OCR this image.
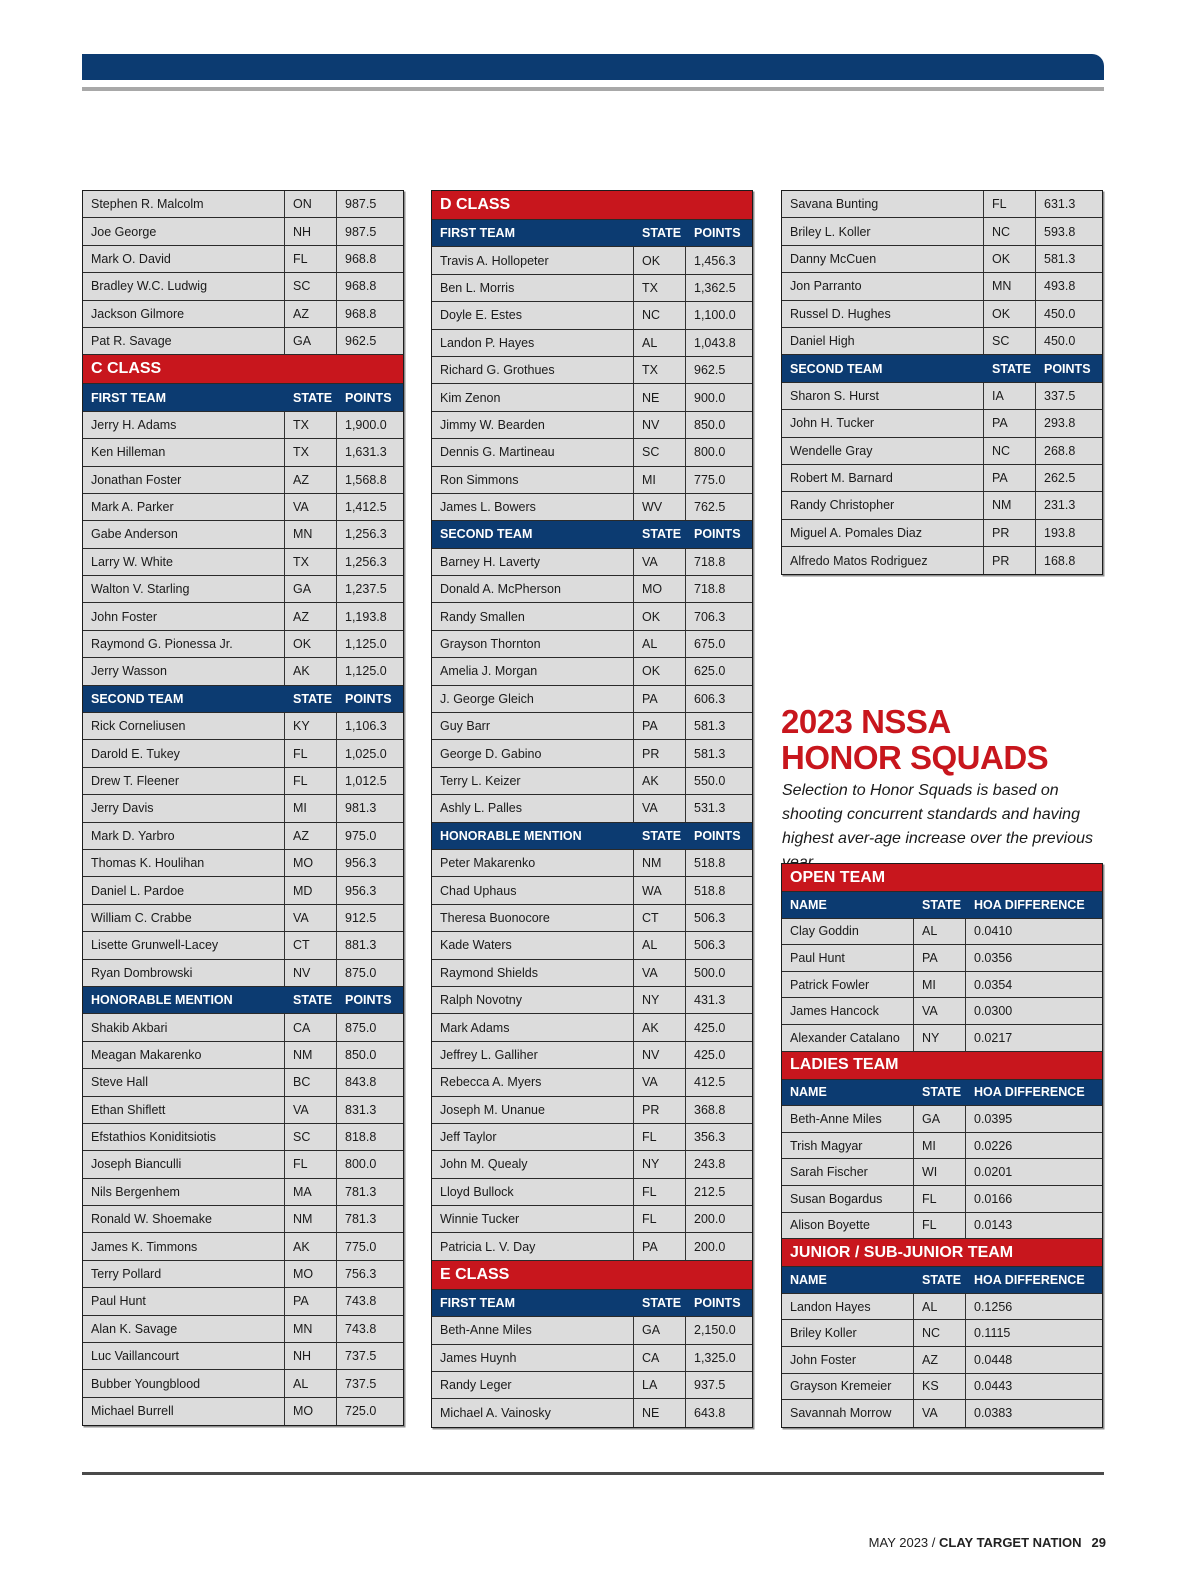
Stephen R. Malcolm	ON	987.5
Joe George	NH	987.5
Mark O. David	FL	968.8
Bradley W.C. Ludwig	SC	968.8
Jackson Gilmore	AZ	968.8
Pat R. Savage	GA	962.5
C CLASS
FIRST TEAM	STATE	POINTS
Jerry H. Adams	TX	1,900.0
Ken Hilleman	TX	1,631.3
Jonathan Foster	AZ	1,568.8
Mark A. Parker	VA	1,412.5
Gabe Anderson	MN	1,256.3
Larry W. White	TX	1,256.3
Walton V. Starling	GA	1,237.5
John Foster	AZ	1,193.8
Raymond G. Pionessa Jr.	OK	1,125.0
Jerry Wasson	AK	1,125.0
SECOND TEAM	STATE	POINTS
Rick Corneliusen	KY	1,106.3
Darold E. Tukey	FL	1,025.0
Drew T. Fleener	FL	1,012.5
Jerry Davis	MI	981.3
Mark D. Yarbro	AZ	975.0
Thomas K. Houlihan	MO	956.3
Daniel L. Pardoe	MD	956.3
William C. Crabbe	VA	912.5
Lisette Grunwell-Lacey	CT	881.3
Ryan Dombrowski	NV	875.0
HONORABLE MENTION	STATE	POINTS
Shakib Akbari	CA	875.0
Meagan Makarenko	NM	850.0
Steve Hall	BC	843.8
Ethan Shiflett	VA	831.3
Efstathios Koniditsiotis	SC	818.8
Joseph Bianculli	FL	800.0
Nils Bergenhem	MA	781.3
Ronald W. Shoemake	NM	781.3
James K. Timmons	AK	775.0
Terry Pollard	MO	756.3
Paul Hunt	PA	743.8
Alan K. Savage	MN	743.8
Luc Vaillancourt	NH	737.5
Bubber Youngblood	AL	737.5
Michael Burrell	MO	725.0
D CLASS
FIRST TEAM	STATE	POINTS
Travis A. Hollopeter	OK	1,456.3
Ben L. Morris	TX	1,362.5
Doyle E. Estes	NC	1,100.0
Landon P. Hayes	AL	1,043.8
Richard G. Grothues	TX	962.5
Kim Zenon	NE	900.0
Jimmy W. Bearden	NV	850.0
Dennis G. Martineau	SC	800.0
Ron Simmons	MI	775.0
James L. Bowers	WV	762.5
SECOND TEAM	STATE	POINTS
Barney H. Laverty	VA	718.8
Donald A. McPherson	MO	718.8
Randy Smallen	OK	706.3
Grayson Thornton	AL	675.0
Amelia J. Morgan	OK	625.0
J. George Gleich	PA	606.3
Guy Barr	PA	581.3
George D. Gabino	PR	581.3
Terry L. Keizer	AK	550.0
Ashly L. Palles	VA	531.3
HONORABLE MENTION	STATE	POINTS
Peter Makarenko	NM	518.8
Chad Uphaus	WA	518.8
Theresa Buonocore	CT	506.3
Kade Waters	AL	506.3
Raymond Shields	VA	500.0
Ralph Novotny	NY	431.3
Mark Adams	AK	425.0
Jeffrey L. Galliher	NV	425.0
Rebecca A. Myers	VA	412.5
Joseph M. Unanue	PR	368.8
Jeff Taylor	FL	356.3
John M. Quealy	NY	243.8
Lloyd Bullock	FL	212.5
Winnie Tucker	FL	200.0
Patricia L. V. Day	PA	200.0
E CLASS
FIRST TEAM	STATE	POINTS
Beth-Anne Miles	GA	2,150.0
James Huynh	CA	1,325.0
Randy Leger	LA	937.5
Michael A. Vainosky	NE	643.8
Savana Bunting	FL	631.3
Briley L. Koller	NC	593.8
Danny McCuen	OK	581.3
Jon Parranto	MN	493.8
Russel D. Hughes	OK	450.0
Daniel High	SC	450.0
SECOND TEAM	STATE	POINTS
Sharon S. Hurst	IA	337.5
John H. Tucker	PA	293.8
Wendelle Gray	NC	268.8
Robert M. Barnard	PA	262.5
Randy Christopher	NM	231.3
Miguel A. Pomales Diaz	PR	193.8
Alfredo Matos Rodriguez	PR	168.8
2023 NSSA
HONOR SQUADS
Selection to Honor Squads is based on shooting concurrent standards and having highest aver-age increase over the previous
OPEN TEAM
NAME	STATE	HOA DIFFERENCE
Clay Goddin	AL	0.0410
Paul Hunt	PA	0.0356
Patrick Fowler	MI	0.0354
James Hancock	VA	0.0300
Alexander Catalano	NY	0.0217
LADIES TEAM
NAME	STATE	HOA DIFFERENCE
Beth-Anne Miles	GA	0.0395
Trish Magyar	MI	0.0226
Sarah Fischer	WI	0.0201
Susan Bogardus	FL	0.0166
Alison Boyette	FL	0.0143
JUNIOR / SUB-JUNIOR TEAM
NAME	STATE	HOA DIFFERENCE
Landon Hayes	AL	0.1256
Briley Koller	NC	0.1115
John Foster	AZ	0.0448
Grayson Kremeier	KS	0.0443
Savannah Morrow	VA	0.0383
MAY 2023 / CLAY TARGET NATION 29
